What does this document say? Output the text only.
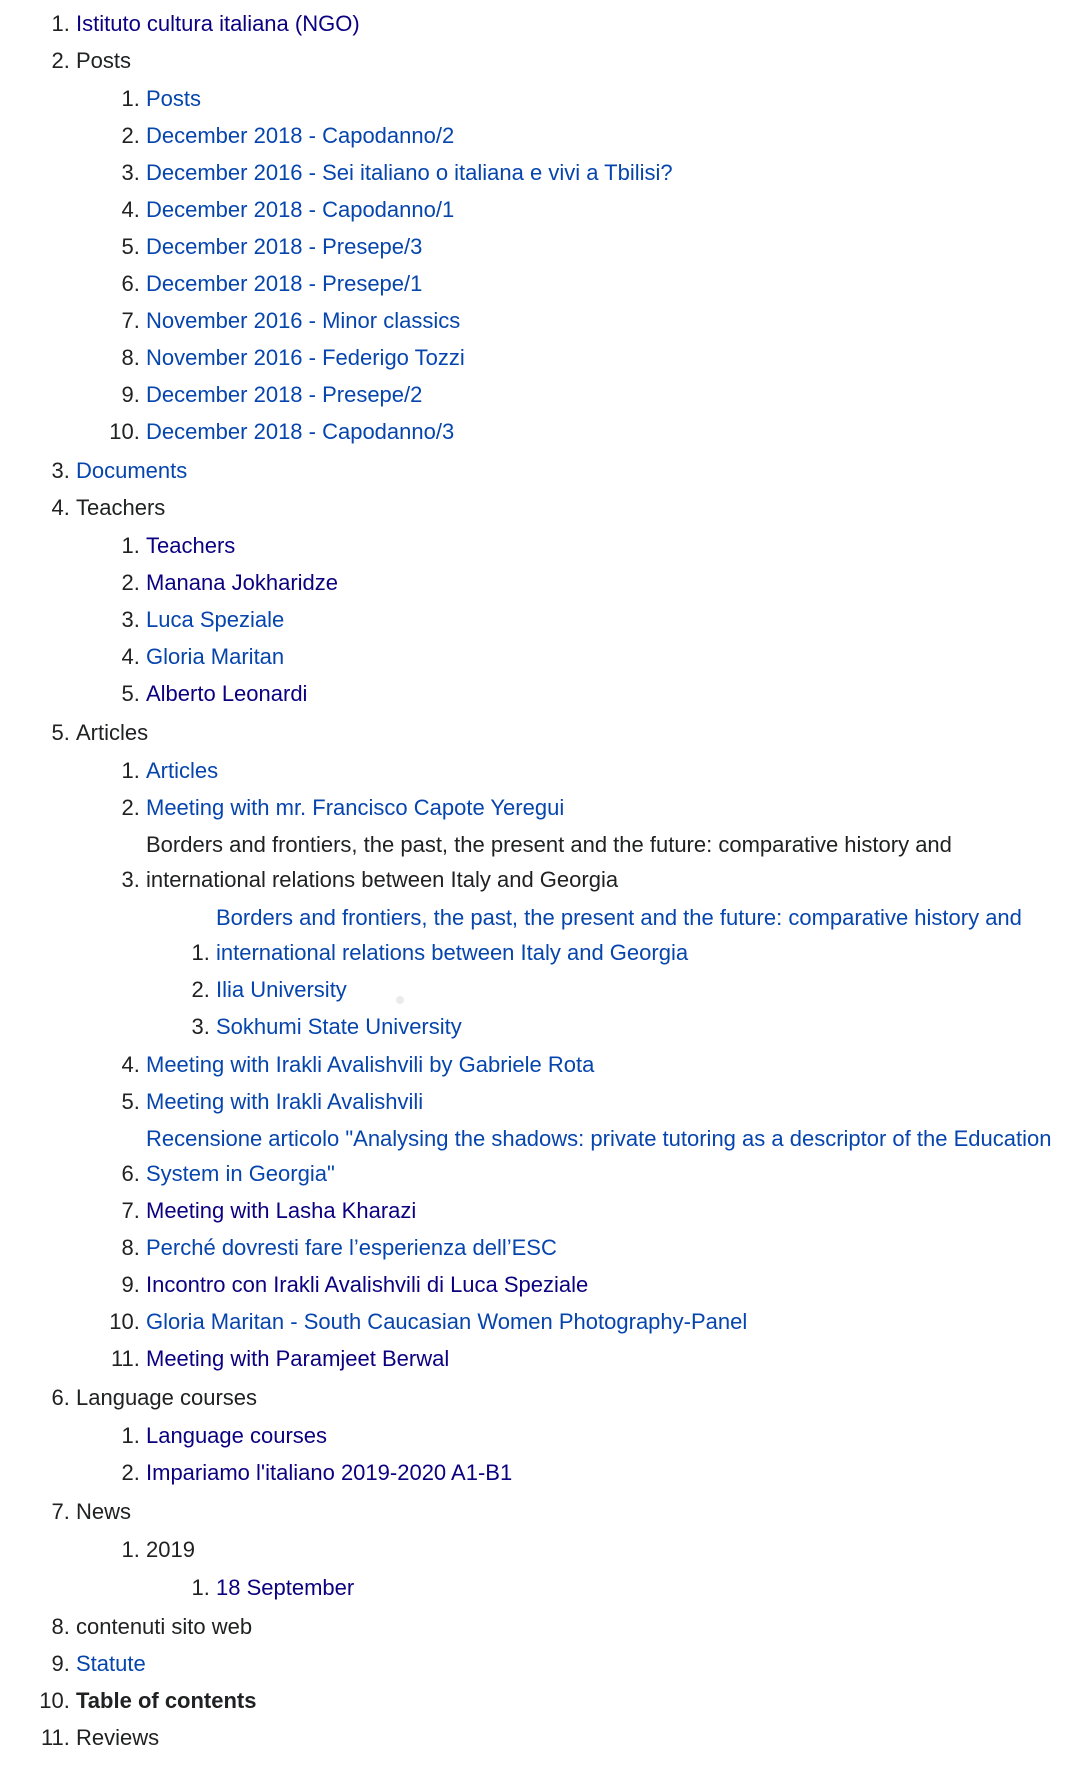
1. Istituto cultura italiana (NGO)
2. Posts
1. Posts
2. December 2018 - Capodanno/2
3. December 2016 - Sei italiano o italiana e vivi a Tbilisi?
4. December 2018 - Capodanno/1
5. December 2018 - Presepe/3
6. December 2018 - Presepe/1
7. November 2016 - Minor classics
8. November 2016 - Federigo Tozzi
9. December 2018 - Presepe/2
10. December 2018 - Capodanno/3
3. Documents
4. Teachers
1. Teachers
2. Manana Jokharidze
3. Luca Speziale
4. Gloria Maritan
5. Alberto Leonardi
5. Articles
1. Articles
2. Meeting with mr. Francisco Capote Yeregui
3. Borders and frontiers, the past, the present and the future: comparative history and international relations between Italy and Georgia
1. Borders and frontiers, the past, the present and the future: comparative history and international relations between Italy and Georgia
2. Ilia University
3. Sokhumi State University
4. Meeting with Irakli Avalishvili by Gabriele Rota
5. Meeting with Irakli Avalishvili
6. Recensione articolo "Analysing the shadows: private tutoring as a descriptor of the Education System in Georgia"
7. Meeting with Lasha Kharazi
8. Perché dovresti fare l’esperienza dell’ESC
9. Incontro con Irakli Avalishvili di Luca Speziale
10. Gloria Maritan - South Caucasian Women Photography-Panel
11. Meeting with Paramjeet Berwal
6. Language courses
1. Language courses
2. Impariamo l'italiano 2019-2020 A1-B1
7. News
1. 2019
1. 18 September
8. contenuti sito web
9. Statute
10. Table of contents
11. Reviews
